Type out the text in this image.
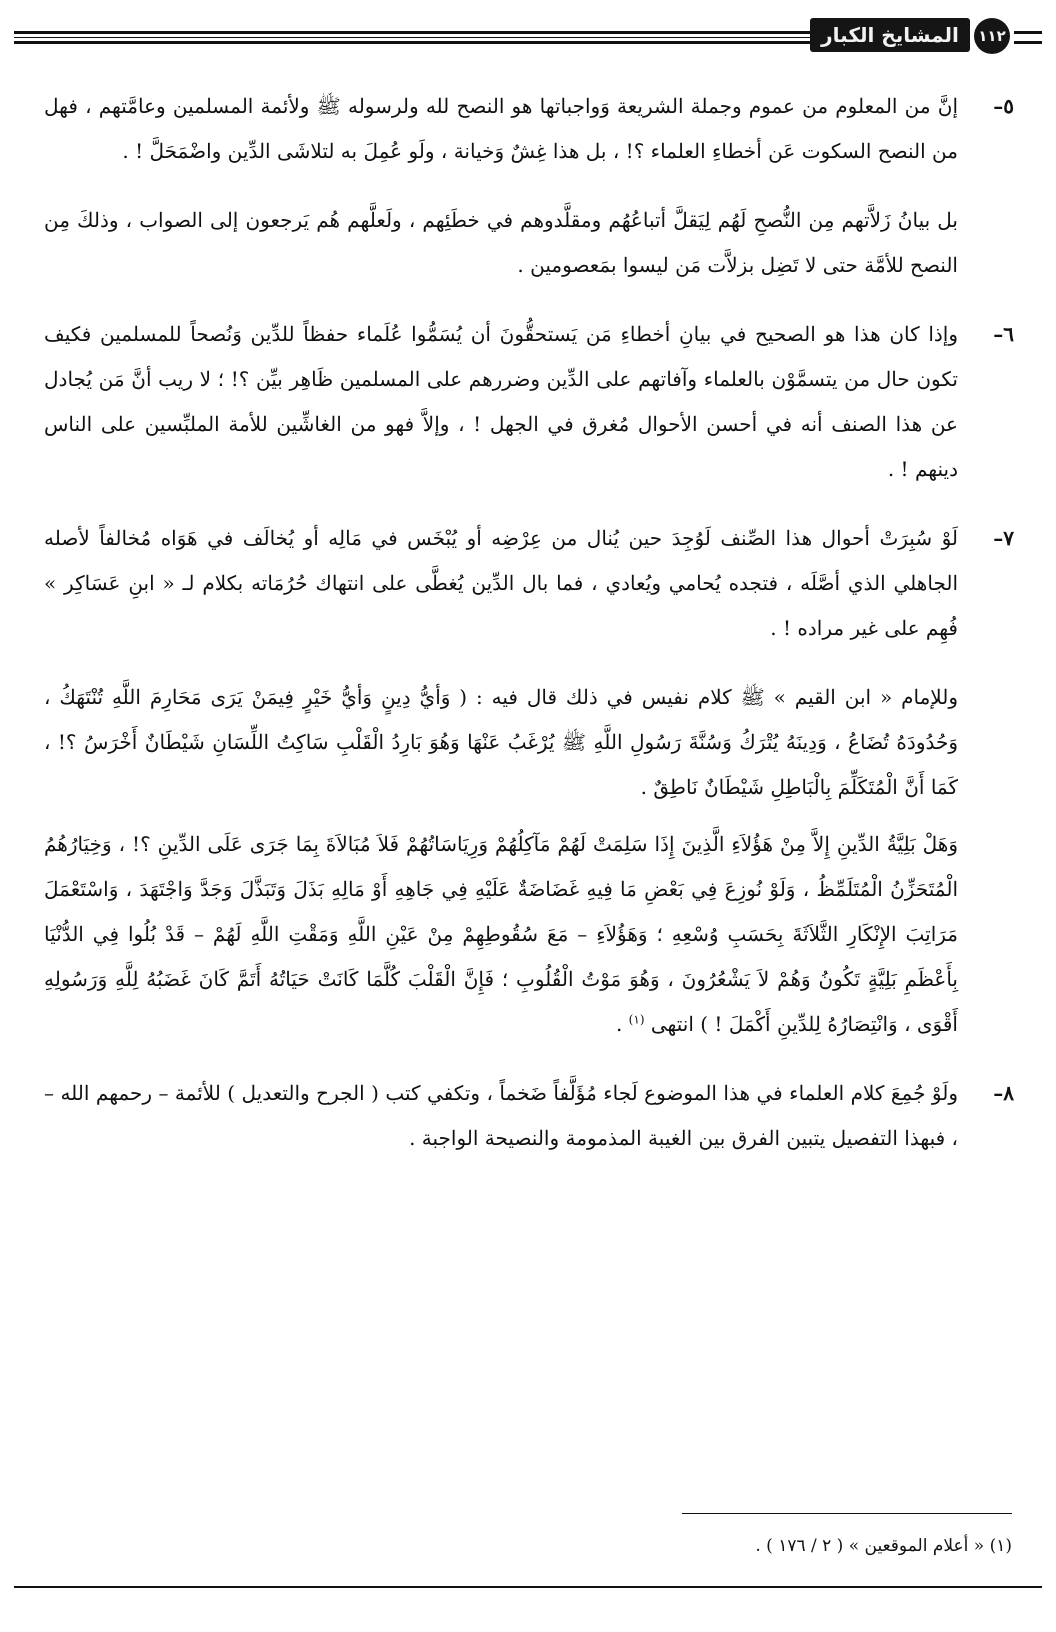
المشايخ الكبار	١١٢
٥–

إنَّ من المعلوم من عموم وجملة الشريعة وَواجباتها هو النصح لله ولرسوله ﷺ ولأئمة المسلمين وعامَّتهم ، فهل من النصح السكوت عَن أخطاءِ العلماء ؟! ، بل هذا غِشٌ وَخيانة ، ولَو عُمِلَ به لتلاشَى الدِّين واضْمَحَلَّ ! .

بل بيانُ زَلاَّتهم مِن النُّصحِ لَهُم لِيَقلَّ أتباعُهُم ومقلَّدوهم في خطَئِهم ، ولَعلَّهم هُم يَرجعون إلى الصواب ، وذلكَ مِن النصح للأمَّة حتى لا تَضِل بزلاَّت مَن ليسوا بمَعصومين .

٦–

وإذا كان هذا هو الصحيح في بيانِ أخطاءِ مَن يَستحقُّونَ أن يُسَمُّوا عُلَماء حفظاً للدِّين وَنُصحاً للمسلمين فكيف تكون حال من يتسمَّوْن بالعلماء وآفاتهم على الدِّين وضررهم على المسلمين ظَاهِر بيِّن ؟! ؛ لا ريب أنَّ مَن يُجادل عن هذا الصنف أنه في أحسن الأحوال مُغرق في الجهل ! ، وإلاَّ فهو من الغاشِّين للأمة الملبِّسين على الناس دينهم ! .

٧–

لَوْ سُبِرَتْ أحوال هذا الصِّنف لَوُجِدَ حين يُنال من عِرْضِه أو يُبْخَس في مَالِه أو يُخالَف في هَوَاه مُخالفاً لأصله الجاهلي الذي أصَّلَه ، فتجده يُحامي ويُعادي ، فما بال الدِّين يُغطَّى على انتهاك حُرُمَاته بكلام لـ « ابنِ عَسَاكِر » فُهِم على غير مراده ! .

وللإمام « ابن القيم » ﷺ كلام نفيس في ذلك قال فيه : ( وَأيُّ دِينٍ وَأيُّ خَيْرٍ فِيمَنْ يَرَى مَحَارِمَ اللَّهِ تُنْتَهَكُ ، وَحُدُودَهُ تُضَاعُ ، وَدِينَهُ يُتْرَكُ وَسُنَّةَ رَسُولِ اللَّهِ ﷺ يُرْغَبُ عَنْهَا وَهُوَ بَارِدُ الْقَلْبِ سَاكِتُ اللِّسَانِ شَيْطَانٌ أَخْرَسُ ؟! ، كَمَا أَنَّ الْمُتَكَلِّمَ بِالْبَاطِلِ شَيْطَانٌ نَاطِقٌ .

وَهَلْ بَلِيَّةُ الدِّينِ إِلاَّ مِنْ هَؤُلاَءِ الَّذِينَ إِذَا سَلِمَتْ لَهُمْ مَآكِلُهُمْ وَرِيَاسَاتُهُمْ فَلاَ مُبَالاَةَ بِمَا جَرَى عَلَى الدِّينِ ؟! ، وَخِيَارُهُمُ الْمُتَحَزِّنُ الْمُتَلَمِّظُ ، وَلَوْ نُوزِعَ فِي بَعْضِ مَا فِيهِ غَضَاضَةٌ عَلَيْهِ فِي جَاهِهِ أَوْ مَالِهِ بَذَلَ وَتَبَذَّلَ وَجَدَّ وَاجْتَهَدَ ، وَاسْتَعْمَلَ مَرَاتِبَ الإِنْكَارِ الثَّلاَثَةَ بِحَسَبِ وُسْعِهِ ؛ وَهَؤُلاَءِ – مَعَ سُقُوطِهِمْ مِنْ عَيْنِ اللَّهِ وَمَقْتِ اللَّهِ لَهُمْ – قَدْ بُلُوا فِي الدُّنْيَا بِأَعْظَمِ بَلِيَّةٍ تَكُونُ وَهُمْ لاَ يَشْعُرُونَ ، وَهُوَ مَوْتُ الْقُلُوبِ ؛ فَإِنَّ الْقَلْبَ كُلَّمَا كَانَتْ حَيَاتُهُ أَتَمَّ كَانَ غَضَبُهُ لِلَّهِ وَرَسُولِهِ أَقْوَى ، وَانْتِصَارُهُ لِلدِّينِ أَكْمَلَ ! ) انتهى $^{(١)}$ .

٨–

ولَوْ جُمِعَ كلام العلماء في هذا الموضوع لَجاء مُؤَلَّفاً ضَخماً ، وتكفي كتب ( الجرح والتعديل ) للأئمة – رحمهم الله – ، فبهذا التفصيل يتبين الفرق بين الغيبة المذمومة والنصيحة الواجبة .

(١) « أعلام الموقعين » ( ٢ / ١٧٦ ) .
